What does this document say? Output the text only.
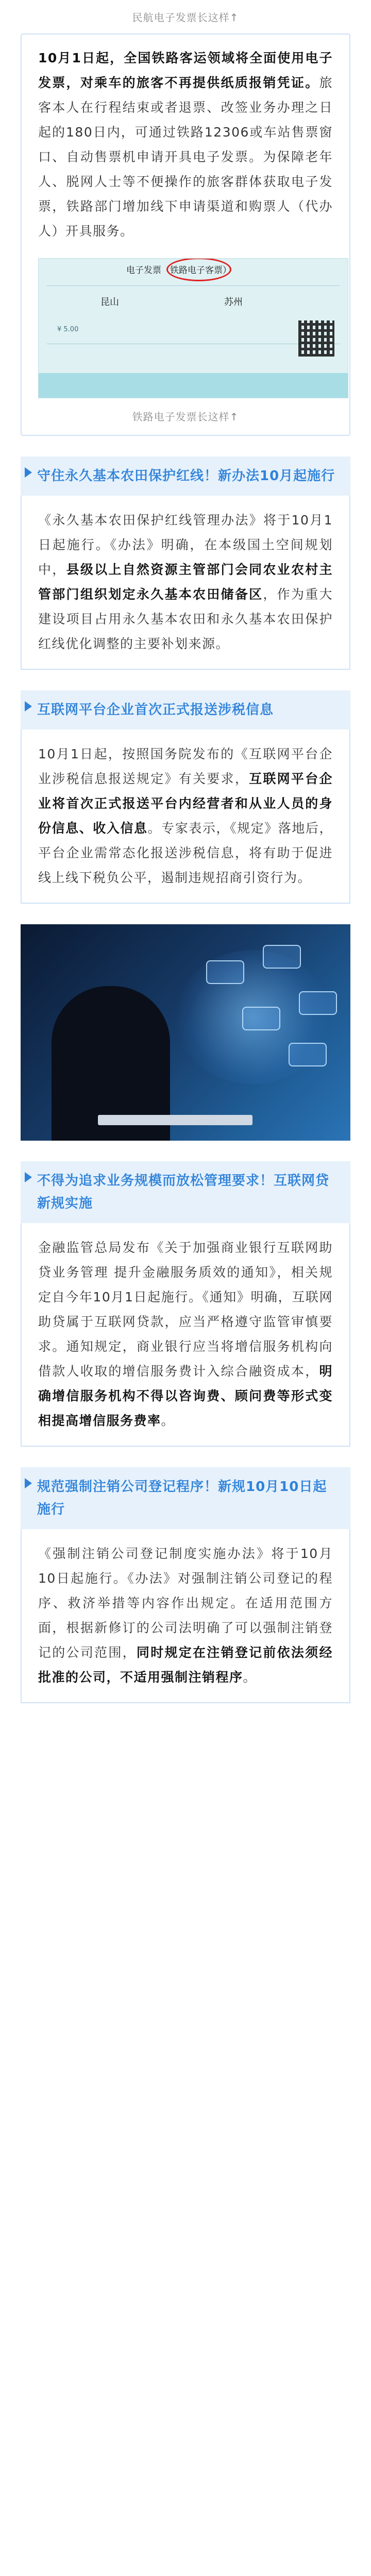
民航电子发票长这样↑

10月1日起，全国铁路客运领域将全面使用电子发票，对乘车的旅客不再提供纸质报销凭证。旅客本人在行程结束或者退票、改签业务办理之日起的180日内，可通过铁路12306或车站售票窗口、自动售票机申请开具电子发票。为保障老年人、脱网人士等不便操作的旅客群体获取电子发票，铁路部门增加线下申请渠道和购票人（代办人）开具服务。

电子发票（铁路电子客票）
昆山	苏州
¥ 5.00
铁路电子发票长这样↑
守住永久基本农田保护红线！新办法10月起施行

《永久基本农田保护红线管理办法》将于10月1日起施行。《办法》明确，在本级国土空间规划中，县级以上自然资源主管部门会同农业农村主管部门组织划定永久基本农田储备区，作为重大建设项目占用永久基本农田和永久基本农田保护红线优化调整的主要补划来源。

互联网平台企业首次正式报送涉税信息

10月1日起，按照国务院发布的《互联网平台企业涉税信息报送规定》有关要求，互联网平台企业将首次正式报送平台内经营者和从业人员的身份信息、收入信息。专家表示，《规定》落地后，平台企业需常态化报送涉税信息，将有助于促进线上线下税负公平，遏制违规招商引资行为。

不得为追求业务规模而放松管理要求！互联网贷新规实施

金融监管总局发布《关于加强商业银行互联网助贷业务管理 提升金融服务质效的通知》，相关规定自今年10月1日起施行。《通知》明确，互联网助贷属于互联网贷款，应当严格遵守监管审慎要求。通知规定，商业银行应当将增信服务机构向借款人收取的增信服务费计入综合融资成本，明确增信服务机构不得以咨询费、顾问费等形式变相提高增信服务费率。

规范强制注销公司登记程序！新规10月10日起施行

《强制注销公司登记制度实施办法》将于10月10日起施行。《办法》对强制注销公司登记的程序、救济举措等内容作出规定。在适用范围方面，根据新修订的公司法明确了可以强制注销登记的公司范围，同时规定在注销登记前依法须经批准的公司，不适用强制注销程序。
